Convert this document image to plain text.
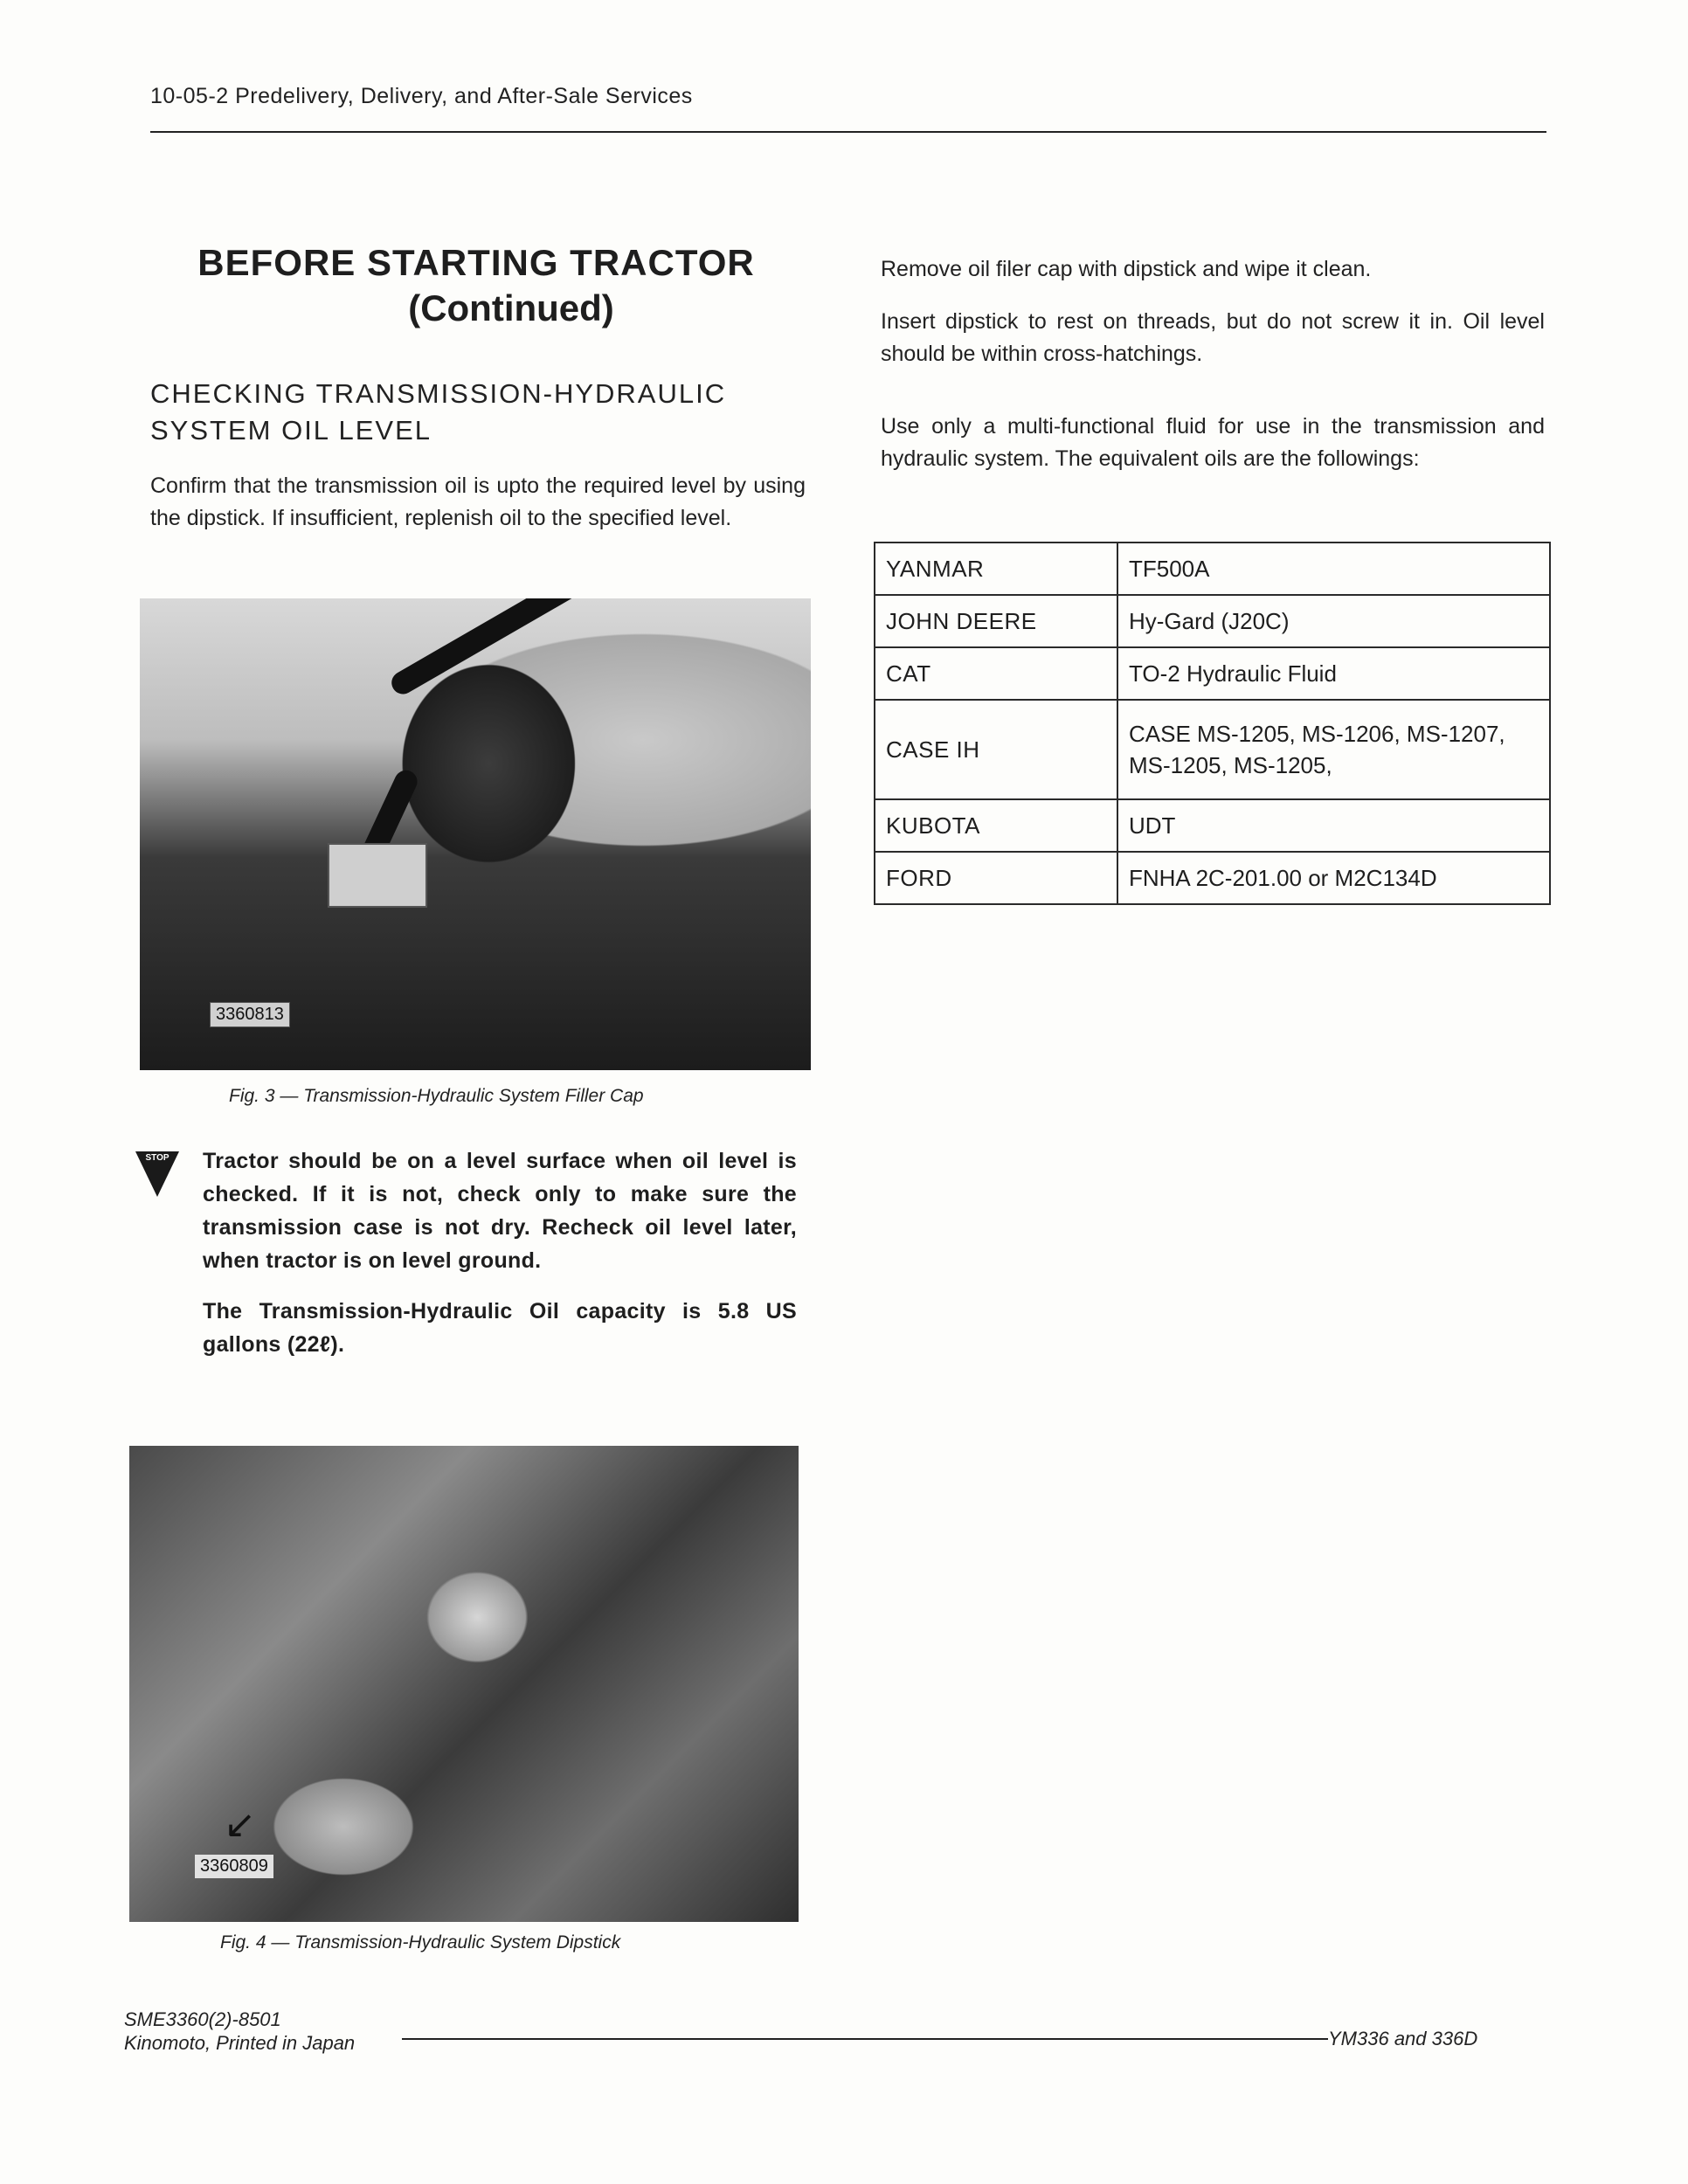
10-05-2 Predelivery, Delivery, and After-Sale Services
BEFORE STARTING TRACTOR
(Continued)
CHECKING TRANSMISSION-HYDRAULIC SYSTEM OIL LEVEL
Confirm that the transmission oil is upto the required level by using the dipstick. If insufficient, replenish oil to the specified level.
3360813
Fig. 3 — Transmission-Hydraulic System Filler Cap
STOP Tractor should be on a level surface when oil level is checked. If it is not, check only to make sure the transmission case is not dry. Recheck oil level later, when tractor is on level ground.
The Transmission-Hydraulic Oil capacity is 5.8 US gallons (22ℓ).
↙
3360809
Fig. 4 — Transmission-Hydraulic System Dipstick
Remove oil filer cap with dipstick and wipe it clean.
Insert dipstick to rest on threads, but do not screw it in. Oil level should be within cross-hatchings.
Use only a multi-functional fluid for use in the transmission and hydraulic system. The equivalent oils are the followings:
YANMAR	TF500A
JOHN DEERE	Hy-Gard (J20C)
CAT	TO-2 Hydraulic Fluid
CASE IH	CASE MS-1205, MS-1206, MS-1207, MS-1205, MS-1205,
KUBOTA	UDT
FORD	FNHA 2C-201.00 or M2C134D
SME3360(2)-8501
Kinomoto, Printed in Japan	YM336 and 336D
